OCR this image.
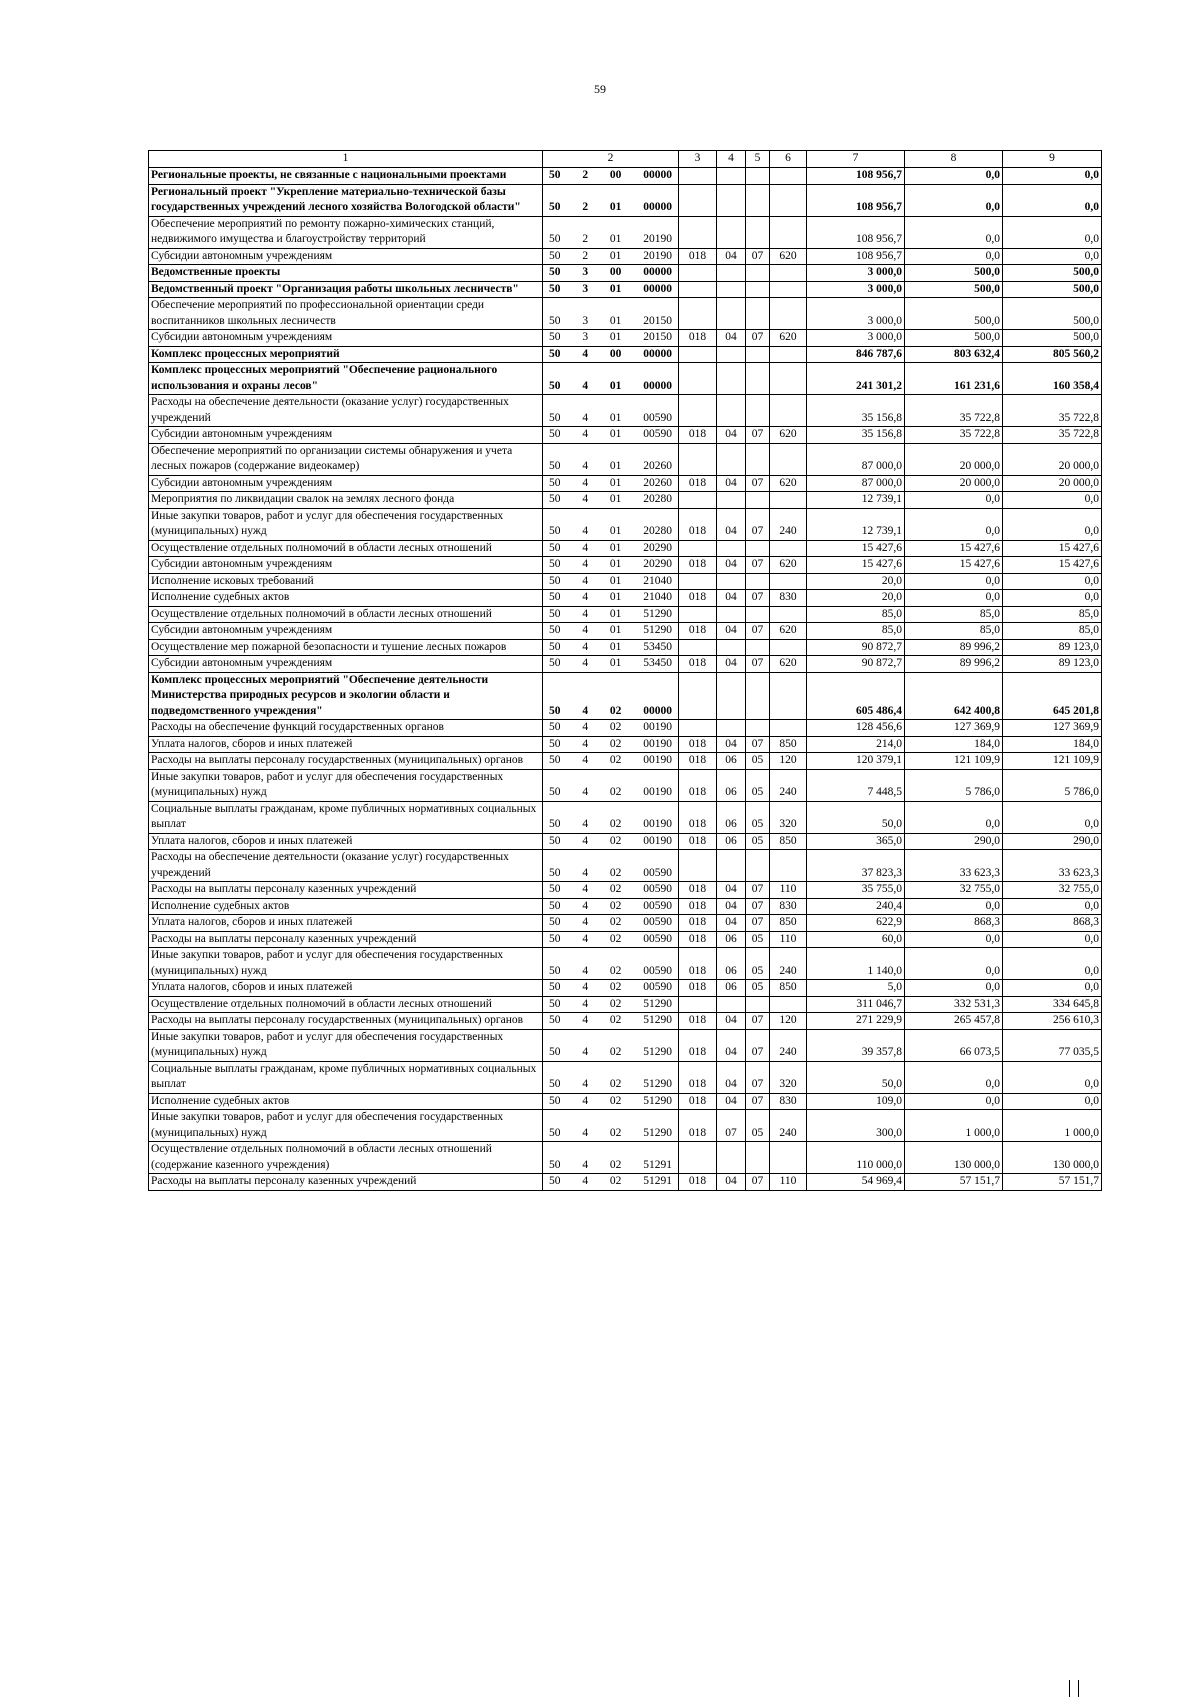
59
1	2	3	4	5	6	7	8	9
Региональные проекты, не связанные с национальными проектами	50 2 00 00000					108 956,7	0,0	0,0
Региональный проект "Укрепление материально-технической базы государственных учреждений лесного хозяйства Вологодской области"	50 2 01 00000					108 956,7	0,0	0,0
Обеспечение мероприятий по ремонту пожарно-химических станций, недвижимого имущества и благоустройству территорий	50 2 01 20190					108 956,7	0,0	0,0
Субсидии автономным учреждениям	50 2 01 20190	018	04	07	620	108 956,7	0,0	0,0
Ведомственные проекты	50 3 00 00000					3 000,0	500,0	500,0
Ведомственный проект "Организация работы школьных лесничеств"	50 3 01 00000					3 000,0	500,0	500,0
Обеспечение мероприятий по профессиональной ориентации среди воспитанников школьных лесничеств	50 3 01 20150					3 000,0	500,0	500,0
Субсидии автономным учреждениям	50 3 01 20150	018	04	07	620	3 000,0	500,0	500,0
Комплекс процессных мероприятий	50 4 00 00000					846 787,6	803 632,4	805 560,2
Комплекс процессных мероприятий "Обеспечение рационального использования и охраны лесов"	50 4 01 00000					241 301,2	161 231,6	160 358,4
Расходы на обеспечение деятельности (оказание услуг) государственных учреждений	50 4 01 00590					35 156,8	35 722,8	35 722,8
Субсидии автономным учреждениям	50 4 01 00590	018	04	07	620	35 156,8	35 722,8	35 722,8
Обеспечение мероприятий по организации системы обнаружения и учета лесных пожаров (содержание видеокамер)	50 4 01 20260					87 000,0	20 000,0	20 000,0
Субсидии автономным учреждениям	50 4 01 20260	018	04	07	620	87 000,0	20 000,0	20 000,0
Мероприятия по ликвидации свалок на землях лесного фонда	50 4 01 20280					12 739,1	0,0	0,0
Иные закупки товаров, работ и услуг для обеспечения государственных (муниципальных) нужд	50 4 01 20280	018	04	07	240	12 739,1	0,0	0,0
Осуществление отдельных полномочий в области лесных отношений	50 4 01 20290					15 427,6	15 427,6	15 427,6
Субсидии автономным учреждениям	50 4 01 20290	018	04	07	620	15 427,6	15 427,6	15 427,6
Исполнение исковых требований	50 4 01 21040					20,0	0,0	0,0
Исполнение судебных актов	50 4 01 21040	018	04	07	830	20,0	0,0	0,0
Осуществление отдельных полномочий в области лесных отношений	50 4 01 51290					85,0	85,0	85,0
Субсидии автономным учреждениям	50 4 01 51290	018	04	07	620	85,0	85,0	85,0
Осуществление мер пожарной безопасности и тушение лесных пожаров	50 4 01 53450					90 872,7	89 996,2	89 123,0
Субсидии автономным учреждениям	50 4 01 53450	018	04	07	620	90 872,7	89 996,2	89 123,0
Комплекс процессных мероприятий "Обеспечение деятельности Министерства природных ресурсов и экологии области и подведомственного учреждения"	50 4 02 00000					605 486,4	642 400,8	645 201,8
Расходы на обеспечение функций государственных органов	50 4 02 00190					128 456,6	127 369,9	127 369,9
Уплата налогов, сборов и иных платежей	50 4 02 00190	018	04	07	850	214,0	184,0	184,0
Расходы на выплаты персоналу государственных (муниципальных) органов	50 4 02 00190	018	06	05	120	120 379,1	121 109,9	121 109,9
Иные закупки товаров, работ и услуг для обеспечения государственных (муниципальных) нужд	50 4 02 00190	018	06	05	240	7 448,5	5 786,0	5 786,0
Социальные выплаты гражданам, кроме публичных нормативных социальных выплат	50 4 02 00190	018	06	05	320	50,0	0,0	0,0
Уплата налогов, сборов и иных платежей	50 4 02 00190	018	06	05	850	365,0	290,0	290,0
Расходы на обеспечение деятельности (оказание услуг) государственных учреждений	50 4 02 00590					37 823,3	33 623,3	33 623,3
Расходы на выплаты персоналу казенных учреждений	50 4 02 00590	018	04	07	110	35 755,0	32 755,0	32 755,0
Исполнение судебных актов	50 4 02 00590	018	04	07	830	240,4	0,0	0,0
Уплата налогов, сборов и иных платежей	50 4 02 00590	018	04	07	850	622,9	868,3	868,3
Расходы на выплаты персоналу казенных учреждений	50 4 02 00590	018	06	05	110	60,0	0,0	0,0
Иные закупки товаров, работ и услуг для обеспечения государственных (муниципальных) нужд	50 4 02 00590	018	06	05	240	1 140,0	0,0	0,0
Уплата налогов, сборов и иных платежей	50 4 02 00590	018	06	05	850	5,0	0,0	0,0
Осуществление отдельных полномочий в области лесных отношений	50 4 02 51290					311 046,7	332 531,3	334 645,8
Расходы на выплаты персоналу государственных (муниципальных) органов	50 4 02 51290	018	04	07	120	271 229,9	265 457,8	256 610,3
Иные закупки товаров, работ и услуг для обеспечения государственных (муниципальных) нужд	50 4 02 51290	018	04	07	240	39 357,8	66 073,5	77 035,5
Социальные выплаты гражданам, кроме публичных нормативных социальных выплат	50 4 02 51290	018	04	07	320	50,0	0,0	0,0
Исполнение судебных актов	50 4 02 51290	018	04	07	830	109,0	0,0	0,0
Иные закупки товаров, работ и услуг для обеспечения государственных (муниципальных) нужд	50 4 02 51290	018	07	05	240	300,0	1 000,0	1 000,0
Осуществление отдельных полномочий в области лесных отношений (содержание казенного учреждения)	50 4 02 51291					110 000,0	130 000,0	130 000,0
Расходы на выплаты персоналу казенных учреждений	50 4 02 51291	018	04	07	110	54 969,4	57 151,7	57 151,7
